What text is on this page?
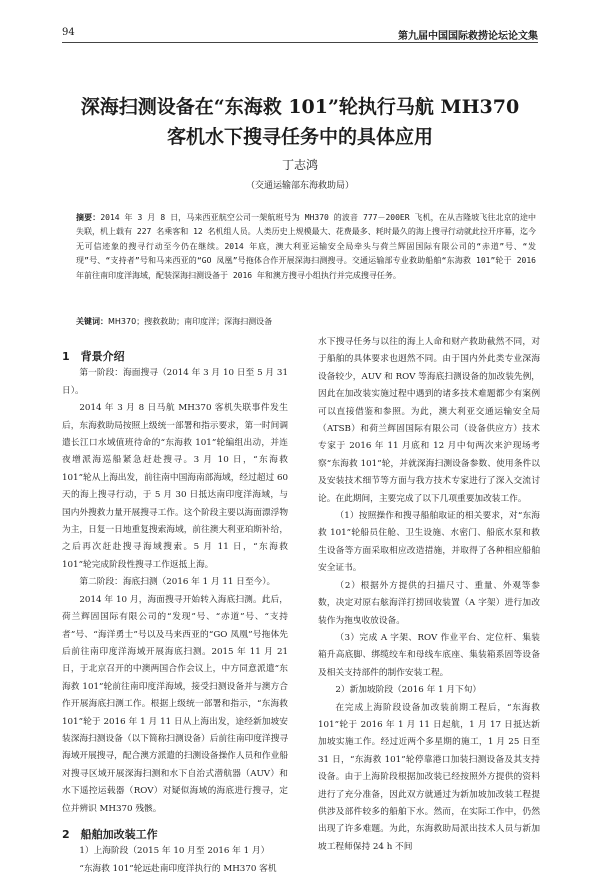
94	第九届中国国际救捞论坛论文集
深海扫测设备在“东海救 101”轮执行马航 MH370
客机水下搜寻任务中的具体应用
丁志鸿
（交通运输部东海救助局）
摘要：2014 年 3 月 8 日，马来西亚航空公司一架航班号为 MH370 的波音 777－200ER 飞机，在从吉隆坡飞往北京的途中失联，机上载有 227 名乘客和 12 名机组人员。人类历史上规模最大、花费最多、耗时最久的海上搜寻行动就此拉开序幕，迄今无可信迹象的搜寻行动至今仍在继续。2014 年底，澳大利亚运输安全局牵头与荷兰辉固国际有限公司的“赤道”号、“发现”号、“支持者”号和马来西亚的“GO 凤凰”号拖体合作开展深海扫测搜寻。交通运输部专业救助船舶“东海救 101”轮于 2016 年前往南印度洋海域，配装深海扫测设备于 2016 年和澳方搜寻小组执行并完成搜寻任务。
关键词：MH370；搜救救助；南印度洋；深海扫测设备

1　背景介绍

第一阶段：海面搜寻（2014 年 3 月 10 日至 5 月 31 日）。

2014 年 3 月 8 日马航 MH370 客机失联事件发生后，东海救助局按照上级统一部署和指示要求，第一时间调遣长江口水域值班待命的“东海救 101”轮编组出动，并连夜增派海巡船紧急赶赴搜寻。3 月 10 日，“东海救 101”轮从上海出发，前往南中国海南部海域，经过超过 60 天的海上搜寻行动，于 5 月 30 日抵达南印度洋海域，与国内外搜救力量开展搜寻工作。这个阶段主要以海面漂浮物为主，日复一日地重复搜索海域，前往澳大利亚珀斯补给，之后再次赶赴搜寻海域搜索。5 月 11 日，“东海救 101”轮完成阶段性搜寻工作返抵上海。

第二阶段：海底扫测（2016 年 1 月 11 日至今）。

2014 年 10 月，海面搜寻开始转入海底扫测。此后，荷兰辉固国际有限公司的“发现”号、“赤道”号、“支持者”号、“海洋勇士”号以及马来西亚的“GO 凤凰”号拖体先后前往南印度洋海域开展海底扫测。2015 年 11 月 21 日，于北京召开的中澳两国合作会议上，中方同意派遣“东海救 101”轮前往南印度洋海域，接受扫测设备并与澳方合作开展海底扫测工作。根据上级统一部署和指示，“东海救 101”轮于 2016 年 1 月 11 日从上海出发，途经新加坡安装深海扫测设备（以下简称扫测设备）后前往南印度洋搜寻海域开展搜寻，配合澳方派遣的扫测设备操作人员和作业船对搜寻区域开展深海扫测和水下自治式潜航器（AUV）和水下遥控运载器（ROV）对疑似海域的海底进行搜寻，定位并辨识 MH370 残骸。

2　船舶加改装工作

1）上海阶段（2015 年 10 月至 2016 年 1 月）

“东海救 101”轮远赴南印度洋执行的 MH370 客机

水下搜寻任务与以往的海上人命和财产救助截然不同，对于船舶的具体要求也迥然不同。由于国内外此类专业深海设备较少，AUV 和 ROV 等海底扫测设备的加改装先例，因此在加改装实施过程中遇到的诸多技术难题都少有案例可以直接借鉴和参照。为此，澳大利亚交通运输安全局（ATSB）和荷兰辉固国际有限公司（设备供应方）技术专家于 2016 年 11 月底和 12 月中旬两次来沪现场考察“东海救 101”轮，并就深海扫测设备参数、使用条件以及安装技术细节等方面与我方技术专家进行了深入交流讨论。在此期间，主要完成了以下几项重要加改装工作。

（1）按照操作和搜寻船舶取证的相关要求，对“东海救 101”轮船员住舱、卫生设施、水密门、船底水泵和救生设备等方面采取相应改造措施，并取得了各种相应船舶安全证书。

（2）根据外方提供的扫描尺寸、重量、外观等参数，决定对原右舷海洋打捞回收装置（A 字架）进行加改装作为拖曳收放设备。

（3）完成 A 字架、ROV 作业平台、定位杆、集装箱升高底脚、绑缆绞车和母线车底座、集装箱系固等设备及相关支持部件的制作安装工程。

2）新加坡阶段（2016 年 1 月下旬）

在完成上海阶段设备加改装前期工程后，“东海救 101”轮于 2016 年 1 月 11 日起航，1 月 17 日抵达新加坡实施工作。经过近两个多星期的施工，1 月 25 日至 31 日，“东海救 101”轮停靠港口加装扫测设备及其支持设备。由于上海阶段根据加改装已经按照外方提供的资料进行了充分准备，因此双方就通过为新加坡加改装工程提供涉及部件较多的船舶下水。然而，在实际工作中，仍然出现了许多难题。为此，东海救助局派出技术人员与新加坡工程师保持 24 h 不间
